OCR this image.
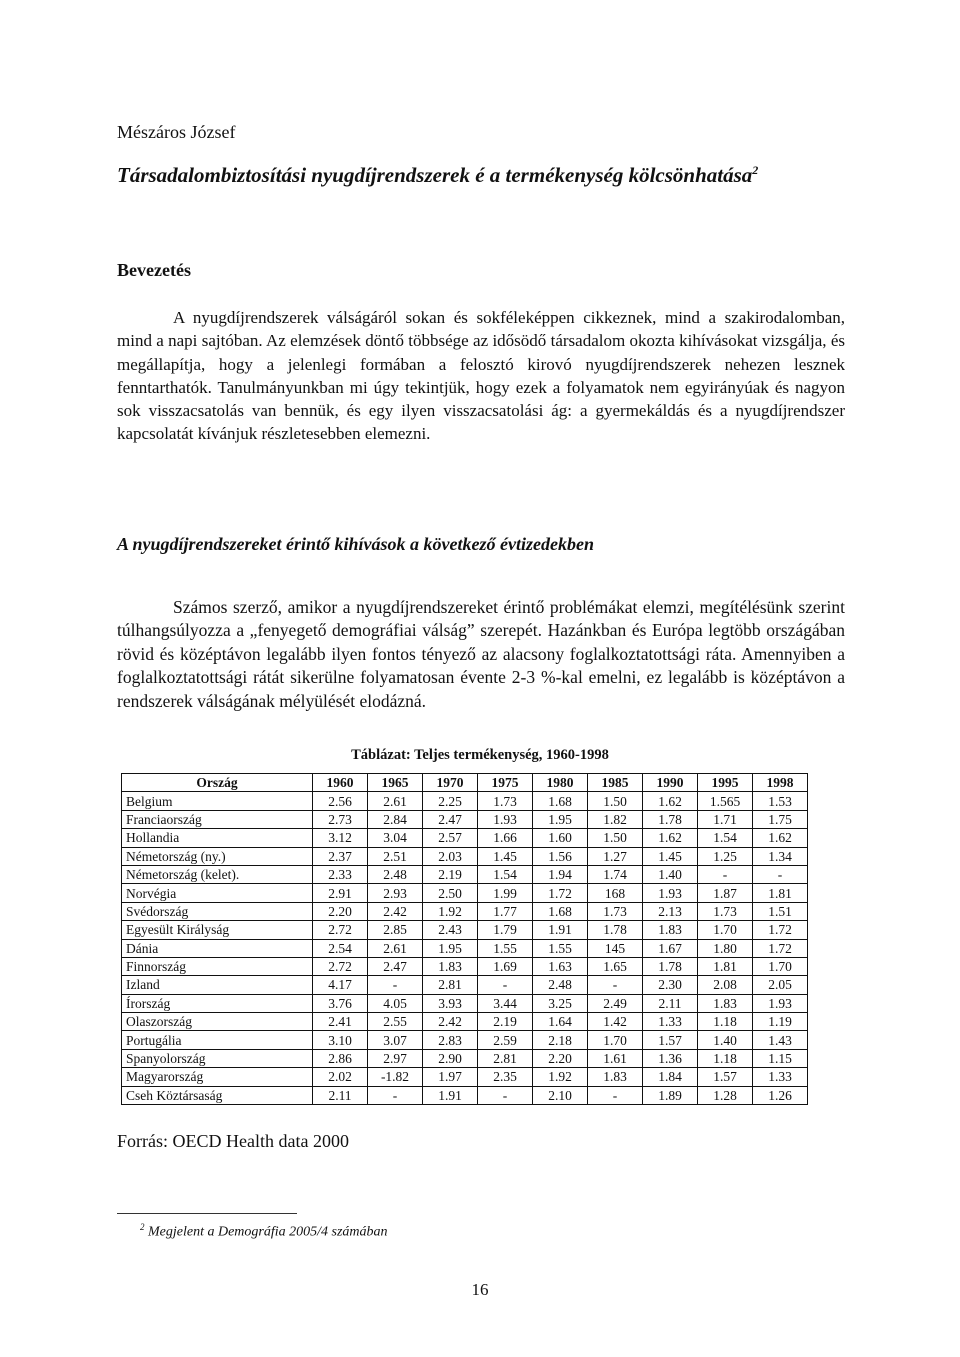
Mészáros József
Társadalombiztosítási nyugdíjrendszerek é a termékenység kölcsönhatása$^2$
Bevezetés
A nyugdíjrendszerek válságáról sokan és sokféleképpen cikkeznek, mind a szakirodalomban, mind a napi sajtóban. Az elemzések döntő többsége az idősödő társadalom okozta kihívásokat vizsgálja, és megállapítja, hogy a jelenlegi formában a felosztó kirovó nyugdíjrendszerek nehezen lesznek fenntarthatók. Tanulmányunkban mi úgy tekintjük, hogy ezek a folyamatok nem egyirányúak és nagyon sok visszacsatolás van bennük, és egy ilyen visszacsatolási ág: a gyermekáldás és a nyugdíjrendszer kapcsolatát kívánjuk részletesebben elemezni.
A nyugdíjrendszereket érintő kihívások a következő évtizedekben
Számos szerző, amikor a nyugdíjrendszereket érintő problémákat elemzi, megítélésünk szerint túlhangsúlyozza a „fenyegető demográfiai válság” szerepét. Hazánkban és Európa legtöbb országában rövid és középtávon legalább ilyen fontos tényező az alacsony foglalkoztatottsági ráta. Amennyiben a foglalkoztatottsági rátát sikerülne folyamatosan évente 2-3 %-kal emelni, ez legalább is középtávon a rendszerek válságának mélyülését elodázná.
Táblázat: Teljes termékenység, 1960-1998
Ország	1960	1965	1970	1975	1980	1985	1990	1995	1998
Belgium	2.56	2.61	2.25	1.73	1.68	1.50	1.62	1.565	1.53
Franciaország	2.73	2.84	2.47	1.93	1.95	1.82	1.78	1.71	1.75
Hollandia	3.12	3.04	2.57	1.66	1.60	1.50	1.62	1.54	1.62
Németország (ny.)	2.37	2.51	2.03	1.45	1.56	1.27	1.45	1.25	1.34
Németország (kelet).	2.33	2.48	2.19	1.54	1.94	1.74	1.40	-	-
Norvégia	2.91	2.93	2.50	1.99	1.72	168	1.93	1.87	1.81
Svédország	2.20	2.42	1.92	1.77	1.68	1.73	2.13	1.73	1.51
Egyesült Királyság	2.72	2.85	2.43	1.79	1.91	1.78	1.83	1.70	1.72
Dánia	2.54	2.61	1.95	1.55	1.55	145	1.67	1.80	1.72
Finnország	2.72	2.47	1.83	1.69	1.63	1.65	1.78	1.81	1.70
Izland	4.17	-	2.81	-	2.48	-	2.30	2.08	2.05
Írország	3.76	4.05	3.93	3.44	3.25	2.49	2.11	1.83	1.93
Olaszország	2.41	2.55	2.42	2.19	1.64	1.42	1.33	1.18	1.19
Portugália	3.10	3.07	2.83	2.59	2.18	1.70	1.57	1.40	1.43
Spanyolország	2.86	2.97	2.90	2.81	2.20	1.61	1.36	1.18	1.15
Magyarország	2.02	-1.82	1.97	2.35	1.92	1.83	1.84	1.57	1.33
Cseh Köztársaság	2.11	-	1.91	-	2.10	-	1.89	1.28	1.26
Forrás: OECD Health data 2000
$^2$ Megjelent a Demográfia 2005/4 számában
16
